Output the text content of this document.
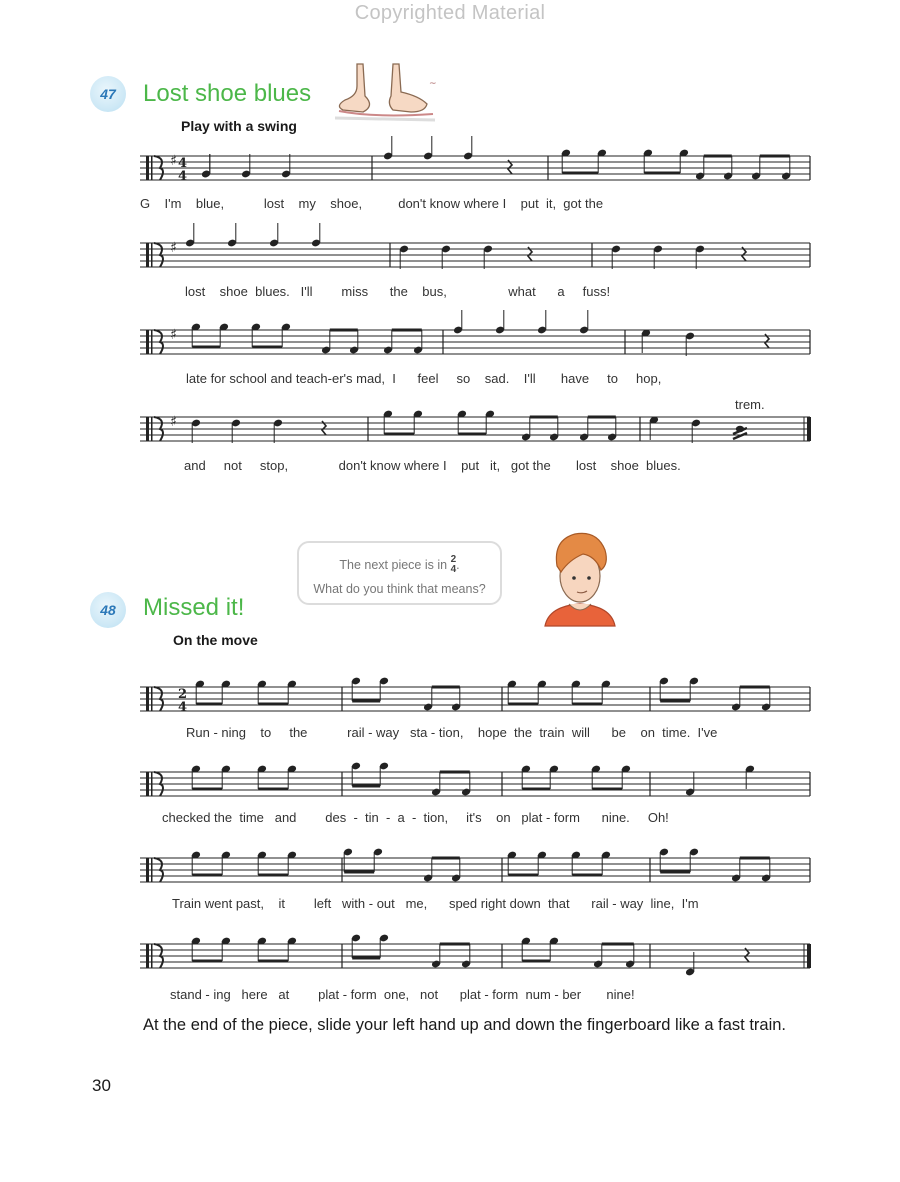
Copyrighted Material
47	Lost shoe blues
Play with a swing
~
The next piece is in 2
4.
What do you think that means?
48	Missed it!
On the move
♯ 4
4
♯
♯
♯
2
4
G    I'm    blue,           lost    my    shoe,          don't know where I    put  it,  got the
lost    shoe  blues.   I'll        miss      the    bus,                 what      a     fuss!
late for school and teach-er's mad,  I      feel     so    sad.    I'll       have     to     hop,
and     not     stop,              don't know where I    put   it,   got the       lost    shoe  blues.
trem.
Run - ning    to     the           rail - way   sta - tion,    hope  the  train  will      be    on  time.  I've
checked the  time   and        des  -  tin  -  a  -  tion,     it's    on   plat - form      nine.     Oh!
Train went past,    it        left   with - out   me,      sped right down  that      rail - way  line,  I'm
stand - ing   here   at        plat - form  one,   not      plat - form  num - ber       nine!
At the end of the piece, slide your left hand up and down the fingerboard like a fast train.
30
